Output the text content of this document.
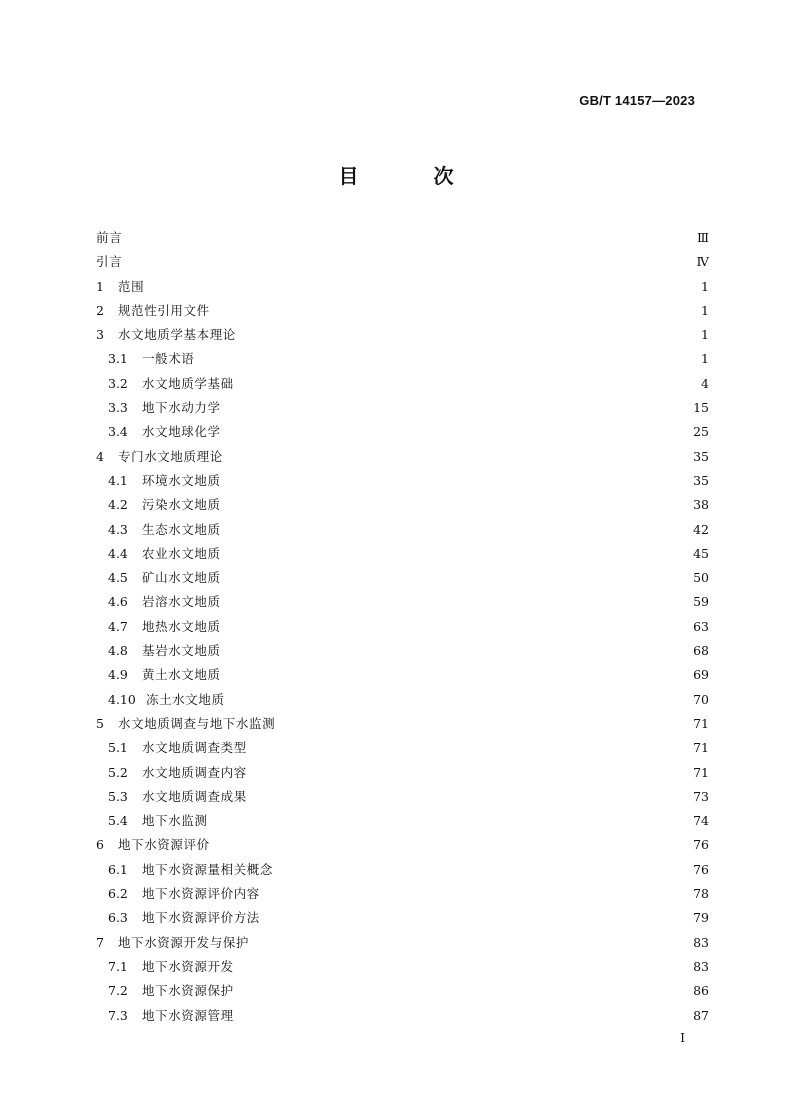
GB/T 14157—2023
目 次
前言	Ⅲ
引言	Ⅳ
1	范围	1
2	规范性引用文件	1
3	水文地质学基本理论	1
3.1	一般术语	1
3.2	水文地质学基础	4
3.3	地下水动力学	15
3.4	水文地球化学	25
4	专门水文地质理论	35
4.1	环境水文地质	35
4.2	污染水文地质	38
4.3	生态水文地质	42
4.4	农业水文地质	45
4.5	矿山水文地质	50
4.6	岩溶水文地质	59
4.7	地热水文地质	63
4.8	基岩水文地质	68
4.9	黄土水文地质	69
4.10 冻土水文地质	70
5	水文地质调查与地下水监测	71
5.1	水文地质调查类型	71
5.2	水文地质调查内容	71
5.3	水文地质调查成果	73
5.4	地下水监测	74
6	地下水资源评价	76
6.1	地下水资源量相关概念	76
6.2	地下水资源评价内容	78
6.3	地下水资源评价方法	79
7	地下水资源开发与保护	83
7.1	地下水资源开发	83
7.2	地下水资源保护	86
7.3	地下水资源管理	87
I
